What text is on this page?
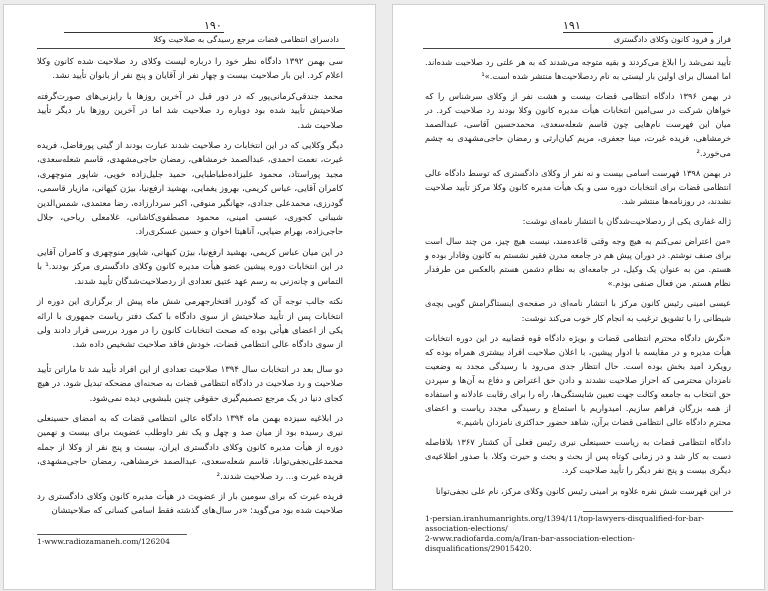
۱۹۰
دادسرای انتظامی قضات مرجع رسیدگی به صلاحیت وکلا

سی بهمن ۱۳۹۲ دادگاه نظر خود را درباره لیست وکلای رد صلاحیت شده کانون وکلا اعلام کرد. این بار صلاحیت بیست و چهار نفر از آقایان و پنج نفر از بانوان تأیید نشد.

محمد جندقی‌کرمانی‌پور که در دور قبل در آخرین روزها با رایزنی‌های صورت‌گرفته صلاحیتش تأیید شده بود دوباره رد صلاحیت شد اما در آخرین روزها بار دیگر تأیید صلاحیت شد.

دیگر وکلایی که در این انتخابات رد صلاحیت شدند عبارت بودند از گیتی پورفاضل، فریده غیرت، نعمت احمدی، عبدالصمد خرمشاهی، رمضان حاجی‌مشهدی، قاسم شعله‌سعدی، مجید پوراستاد، محمود علیزاده‌طباطبایی، حمید جلیل‌زاده خویی، شاپور منوچهری، کامران آقایی، عباس کریمی، بهروز یغمایی، بهشید ارفع‌نیا، بیژن کیهانی، مازیار قاسمی، گودرزی، محمدعلی جدادی، جهانگیر منوفی، اکبر سردارزاده، رضا معتمدی، شمس‌الدین شیبانی کجوری، عیسی امینی، محمود مصطفوی‌کاشانی، غلامعلی ریاحی، جلال حاجی‌زاده، بهرام ضیایی، آناهیتا اخوان و حسین عسکری‌راد.

در این میان عباس کریمی، بهشید ارفع‌نیا، بیژن کیهانی، شاپور منوچهری و کامران آقایی در این انتخابات دوره پیشین عضو هیأت مدیره کانون وکلای دادگستری مرکز بودند.¹ با التماس و چانه‌زنی به رسم عهد عتیق تعدادی از ردصلاحیت‌شدگان تأیید شدند.

نکته جالب توجه آن که گودرز افتخارجهرمی شش ماه پیش از برگزاری این دوره از انتخابات پس از تأیید صلاحیتش از سوی دادگاه با کمک دفتر ریاست جمهوری با ارائه یکی از اعضای هیأتی بوده که صحت انتخابات کانون را در مورد بررسی قرار دادند ولی از سوی دادگاه عالی انتظامی قضات، خودش فاقد صلاحیت تشخیص داده شد.

دو سال بعد در انتخابات سال ۱۳۹۴ صلاحیت تعدادی از این افراد تأیید شد تا ماراتن تأیید صلاحیت و رد صلاحیت در دادگاه انتظامی قضات به صحنه‌ای مضحکه تبدیل شود. در هیچ کجای دنیا در یک مرجع تصمیم‌گیری حقوقی چنین بلبشویی دیده نمی‌شود.

در ابلاغیه سیزده بهمن ماه ۱۳۹۴ دادگاه عالی انتظامی قضات که به امضای حسینعلی نیری رسیده بود از میان صد و چهل و یک نفر داوطلب عضویت برای بیست و نهمین دوره از هیأت مدیره کانون وکلای دادگستری ایران، بیست و پنج نفر از وکلا از جمله محمدعلی‌نجفی‌توانا، قاسم شعله‌سعدی، عبدالصمد خرمشاهی، رمضان حاجی‌مشهدی، فریده غیرت و... رد صلاحیت شدند.²

فریده غیرت که برای سومین بار از عضویت در هیأت مدیره کانون وکلای دادگستری رد صلاحیت شده بود می‌گوید: «در سال‌های گذشته فقط اسامی کسانی که صلاحیتشان

1-www.radiozamaneh.com/126204
۱۹۱
فراز و فرود کانون وکلای دادگستری

تأیید نمی‌شد را ابلاغ می‌کردند و بقیه متوجه می‌شدند که به هر علتی رد صلاحیت شده‌اند. اما امسال برای اولین بار لیستی به نام ردصلاحیت‌ها منتشر شده است.»¹

در بهمن ۱۳۹۶ دادگاه انتظامی قضات بیست و هشت نفر از وکلای سرشناس را که خواهان شرکت در سی‌امین انتخابات هیأت مدیره کانون وکلا بودند رد صلاحیت کرد. در میان این فهرست نام‌هایی چون قاسم شعله‌سعدی، محمدحسین آقاسی، عبدالصمد خرمشاهی، فریده غیرت، مینا جعفری، مریم کیان‌ارثی و رمضان حاجی‌مشهدی به چشم می‌خورد.²

در بهمن ۱۳۹۸ فهرست اسامی بیست و نه نفر از وکلای دادگستری که توسط دادگاه عالی انتظامی قضات برای انتخابات دوره سی و یک هیأت مدیره کانون وکلا مرکز تأیید صلاحیت نشدند، در روزنامه‌ها منتشر شد.

ژاله غفاری یکی از ردصلاحیت‌شدگان با انتشار نامه‌ای نوشت:

«من اعتراض نمی‌کنم به هیچ وجه وقتی قاعده‌مند، نیست هیچ چیز، من چند سال است برای صنف نوشتم. در دوران پیش هم در جامعه مدرن فقیر نشستم به کانون وفادار بوده و هستم. من به عنوان یک وکیل، در جامعه‌ای به نظام دشمن هستم بالعکس من طرفدار نظام هستم. من فعال صنفی بودم.»

عیسی امینی رئیس کانون مرکز با انتشار نامه‌ای در صفحه‌ی اینستاگرامش گویی بچه‌ی شیطانی را با تشویق ترغیب به انجام کار خوب می‌کند نوشت:

«نگرش دادگاه محترم انتظامی قضات و بویژه دادگاه قوه قضاییه در این دوره انتخابات هیأت مدیره و در مقایسه با ادوار پیشین، با اعلان صلاحیت افراد بیشتری همراه بوده که رویکرد امید بخش بوده است. حال انتظار جدی می‌رود با رسیدگی مجدد به وضعیت نامزدان محترمی که احراز صلاحیت نشدند و دادن حق اعتراض و دفاع به آن‌ها و سپردن حق انتخاب به جامعه وکالت جهت تعیین شایستگی‌ها، راه را برای رقابت عادلانه و استفاده از همه بزرگان فراهم سازیم. امیدواریم با استماع و رسیدگی مجدد ریاست و اعضای محترم دادگاه عالی انتظامی قضات برآن، شاهد حضور حداکثری نامزدان باشیم.»

دادگاه انتظامی قضات به ریاست حسینعلی نیری رئیس فعلی آن کشتار ۱۳۶۷ بلافاصله دست به کار شد و در زمانی کوتاه پس از بحث و بحث و حیرت وکلا، با صدور اطلاعیه‌ی دیگری بیست و پنج نفر دیگر را تأیید صلاحیت کرد.

در این فهرست شش نفره علاوه بر امینی رئیس کانون وکلای مرکز، نام علی نجفی‌توانا

1-persian.iranhumanrights.org/1394/11/top-lawyers-disqualified-for-bar-association-elections/
2-www.radiofarda.com/a/Iran-bar-association-election-disqualifications/29015420.
